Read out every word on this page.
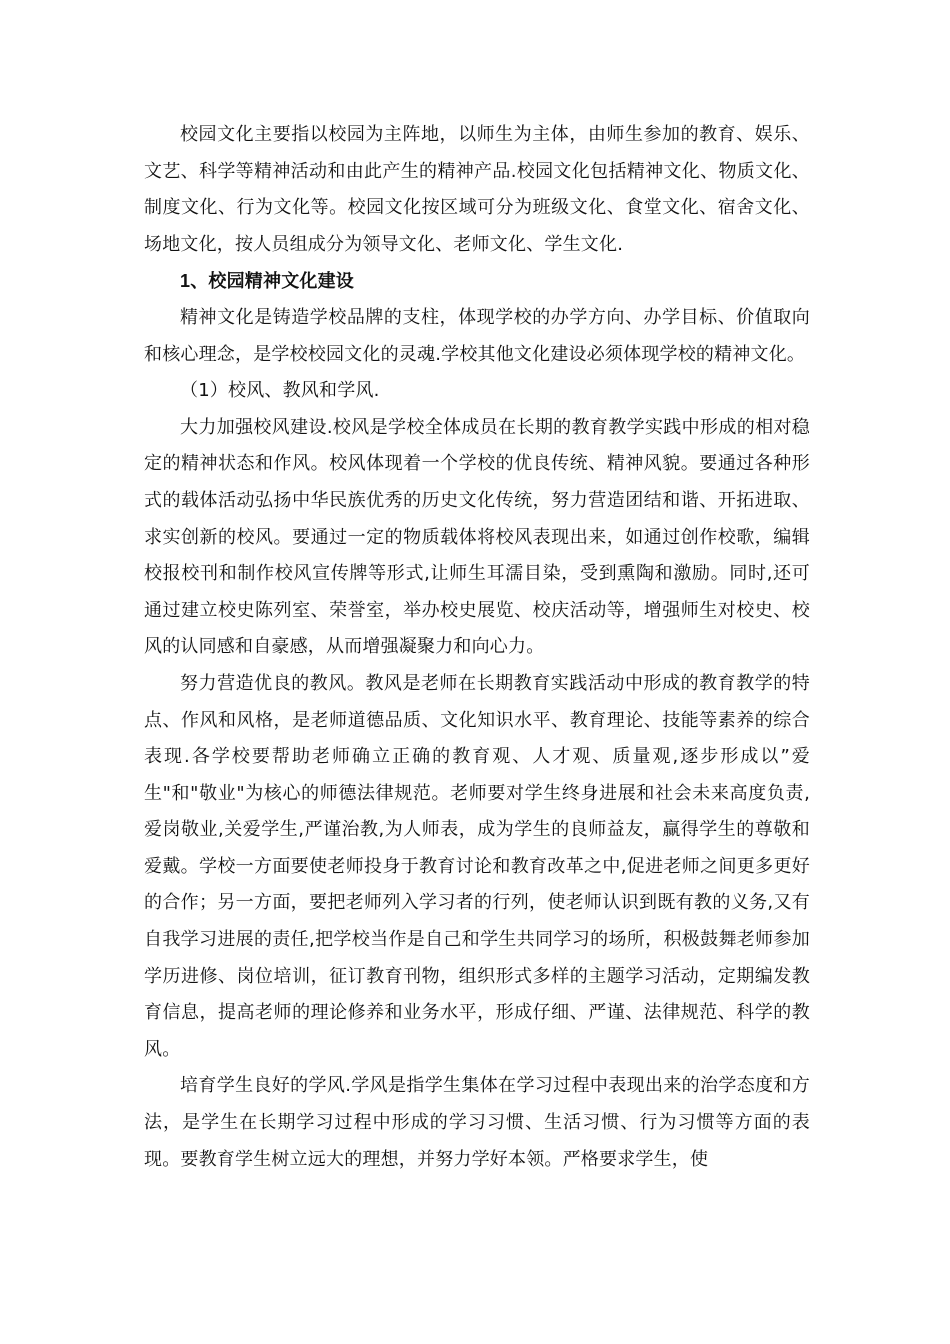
校园文化主要指以校园为主阵地，以师生为主体，由师生参加的教育、娱乐、文艺、科学等精神活动和由此产生的精神产品.校园文化包括精神文化、物质文化、制度文化、行为文化等。校园文化按区域可分为班级文化、食堂文化、宿舍文化、场地文化，按人员组成分为领导文化、老师文化、学生文化.

1、校园精神文化建设

精神文化是铸造学校品牌的支柱，体现学校的办学方向、办学目标、价值取向和核心理念，是学校校园文化的灵魂.学校其他文化建设必须体现学校的精神文化。

（1）校风、教风和学风.

大力加强校风建设.校风是学校全体成员在长期的教育教学实践中形成的相对稳定的精神状态和作风。校风体现着一个学校的优良传统、精神风貌。要通过各种形式的载体活动弘扬中华民族优秀的历史文化传统，努力营造团结和谐、开拓进取、求实创新的校风。要通过一定的物质载体将校风表现出来，如通过创作校歌，编辑校报校刊和制作校风宣传牌等形式,让师生耳濡目染，受到熏陶和激励。同时,还可通过建立校史陈列室、荣誉室，举办校史展览、校庆活动等，增强师生对校史、校风的认同感和自豪感，从而增强凝聚力和向心力。

努力营造优良的教风。教风是老师在长期教育实践活动中形成的教育教学的特点、作风和风格，是老师道德品质、文化知识水平、教育理论、技能等素养的综合表现.各学校要帮助老师确立正确的教育观、人才观、质量观,逐步形成以”爱生"和"敬业"为核心的师德法律规范。老师要对学生终身进展和社会未来高度负责,爱岗敬业,关爱学生,严谨治教,为人师表，成为学生的良师益友，赢得学生的尊敬和爱戴。学校一方面要使老师投身于教育讨论和教育改革之中,促进老师之间更多更好的合作；另一方面，要把老师列入学习者的行列，使老师认识到既有教的义务,又有自我学习进展的责任,把学校当作是自己和学生共同学习的场所，积极鼓舞老师参加学历进修、岗位培训，征订教育刊物，组织形式多样的主题学习活动，定期编发教育信息，提高老师的理论修养和业务水平，形成仔细、严谨、法律规范、科学的教风。

培育学生良好的学风.学风是指学生集体在学习过程中表现出来的治学态度和方法，是学生在长期学习过程中形成的学习习惯、生活习惯、行为习惯等方面的表现。要教育学生树立远大的理想，并努力学好本领。严格要求学生，使
